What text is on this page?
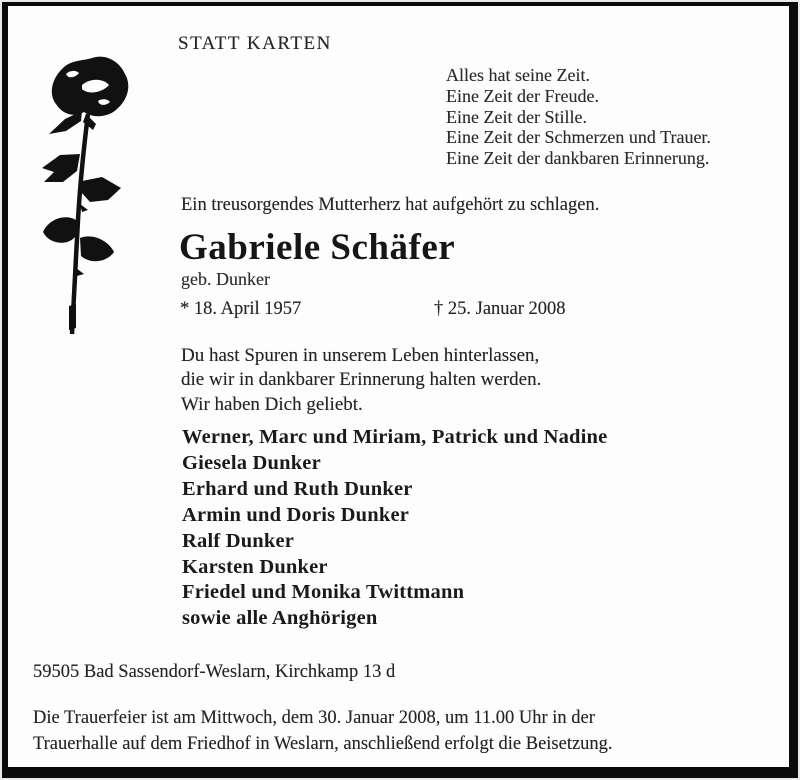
STATT KARTEN
Alles hat seine Zeit.
Eine Zeit der Freude.
Eine Zeit der Stille.
Eine Zeit der Schmerzen und Trauer.
Eine Zeit der dankbaren Erinnerung.
Ein treusorgendes Mutterherz hat aufgehört zu schlagen.
Gabriele Schäfer
geb. Dunker
* 18. April 1957	† 25. Januar 2008
Du hast Spuren in unserem Leben hinterlassen,
die wir in dankbarer Erinnerung halten werden.
Wir haben Dich geliebt.
Werner, Marc und Miriam, Patrick und Nadine
Giesela Dunker
Erhard und Ruth Dunker
Armin und Doris Dunker
Ralf Dunker
Karsten Dunker
Friedel und Monika Twittmann
sowie alle Anghörigen
59505 Bad Sassendorf-Weslarn, Kirchkamp 13 d
Die Trauerfeier ist am Mittwoch, dem 30. Januar 2008, um 11.00 Uhr in der
Trauerhalle auf dem Friedhof in Weslarn, anschließend erfolgt die Beisetzung.
